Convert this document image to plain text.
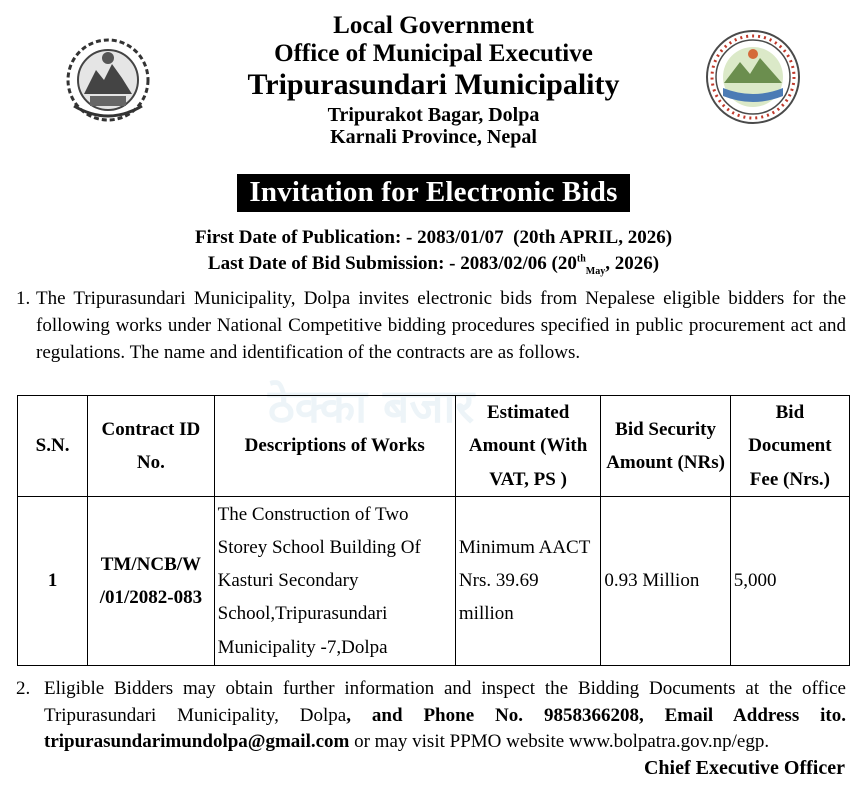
Local Government
Office of Municipal Executive
Tripurasundari Municipality
Tripurakot Bagar, Dolpa
Karnali Province, Nepal
Invitation for Electronic Bids
First Date of Publication: - 2083/01/07 (20th APRIL, 2026)
Last Date of Bid Submission: - 2083/02/06 ($20th_{May}$, 2026)
1. The Tripurasundari Municipality, Dolpa invites electronic bids from Nepalese eligible bidders for the following works under National Competitive bidding procedures specified in public procurement act and regulations. The name and identification of the contracts are as follows.
ठेक्का बजार
S.N.	Contract ID No.	Descriptions of Works	Estimated Amount (With VAT, PS )	Bid Security Amount (NRs)	Bid Document Fee (Nrs.)
1	TM/NCB/W /01/2082-083	The Construction of Two Storey School Building Of Kasturi Secondary School,Tripurasundari Municipality -7,Dolpa	Minimum AACT Nrs. 39.69 million	0.93 Million	5,000
2. Eligible Bidders may obtain further information and inspect the Bidding Documents at the office Tripurasundari Municipality, Dolpa, and Phone No. 9858366208, Email Address ito. tripurasundarimundolpa@gmail.com or may visit PPMO website www.bolpatra.gov.np/egp.
Chief Executive Officer
